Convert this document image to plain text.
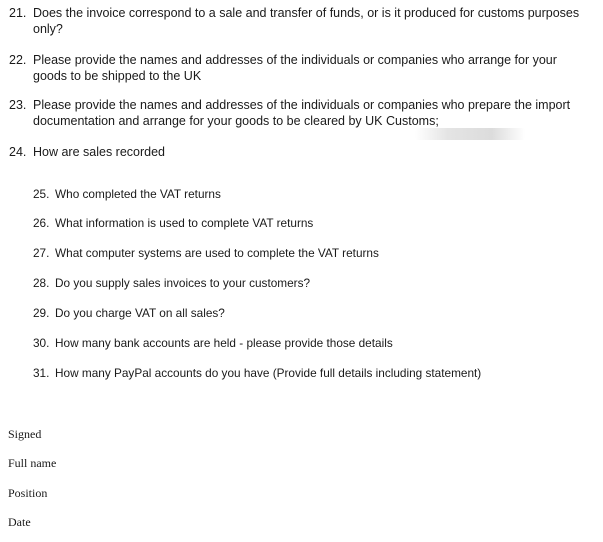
21. Does the invoice correspond to a sale and transfer of funds, or is it produced for customs purposes only?
22. Please provide the names and addresses of the individuals or companies who arrange for your goods to be shipped to the UK
23. Please provide the names and addresses of the individuals or companies who prepare the import documentation and arrange for your goods to be cleared by UK Customs;
24. How are sales recorded
25. Who completed the VAT returns
26. What information is used to complete VAT returns
27. What computer systems are used to complete the VAT returns
28. Do you supply sales invoices to your customers?
29. Do you charge VAT on all sales?
30. How many bank accounts are held - please provide those details
31. How many PayPal accounts do you have (Provide full details including statement)
Signed
Full name
Position
Date
